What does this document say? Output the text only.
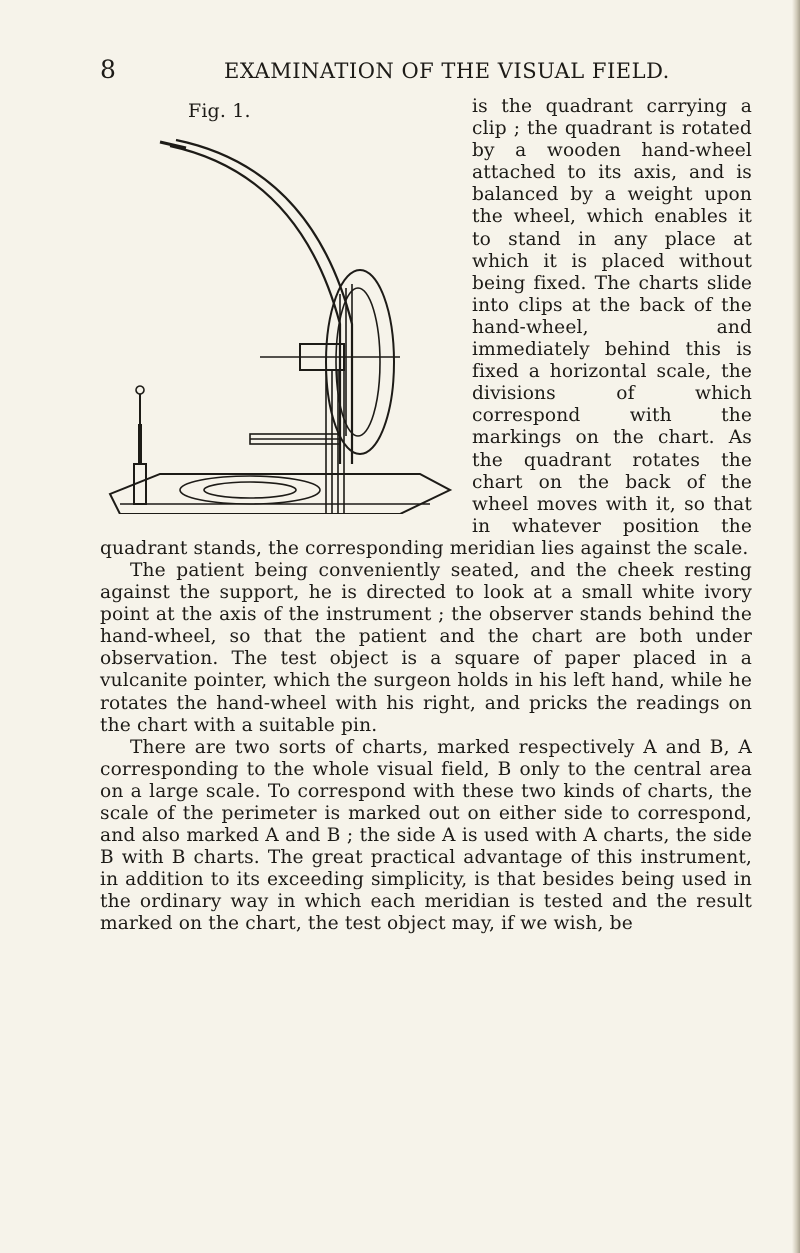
8	EXAMINATION OF THE VISUAL FIELD.

Fig. 1.	is the quadrant carrying a clip ; the quadrant is rotated by a wooden hand-wheel attached to its axis, and is balanced by a weight upon the wheel, which enables it to stand in any place at which it is placed without being fixed. The charts slide into clips at the back of the hand-wheel, and immediately behind this is fixed a horizontal scale, the divisions of which correspond with the markings on the chart. As the quadrant rotates the chart on the back of the wheel moves with it, so that in whatever position the quadrant stands, the corresponding meridian lies against the scale.

The patient being conveniently seated, and the cheek resting against the support, he is directed to look at a small white ivory point at the axis of the instrument ; the observer stands behind the hand-wheel, so that the patient and the chart are both under observation. The test object is a square of paper placed in a vulcanite pointer, which the surgeon holds in his left hand, while he rotates the hand-wheel with his right, and pricks the readings on the chart with a suitable pin.

There are two sorts of charts, marked respectively A and B, A corresponding to the whole visual field, B only to the central area on a large scale. To correspond with these two kinds of charts, the scale of the perimeter is marked out on either side to correspond, and also marked A and B ; the side A is used with A charts, the side B with B charts. The great practical advantage of this instrument, in addition to its exceeding simplicity, is that besides being used in the ordinary way in which each meridian is tested and the result marked on the chart, the test object may, if we wish, be
